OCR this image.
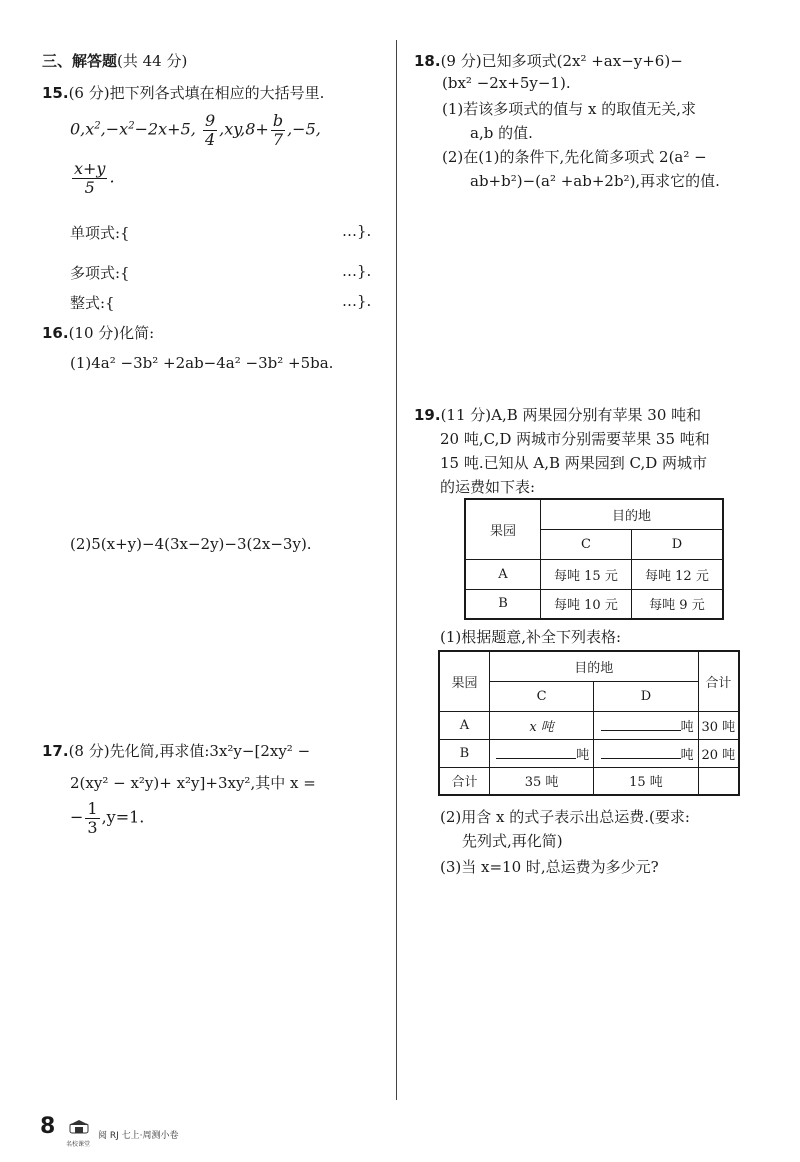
三、解答题(共 44 分)
15.(6 分)把下列各式填在相应的大括号里.
$0,x^2,-x^2-2x+5$, $\frac{9}{4} ,xy,8+ \frac{b}{7} ,-5$,
$\frac{x+y}{5}$ .
单项式:{	…}.
多项式:{	…}.
整式:{	…}.
16.(10 分)化简:
(1)4a² −3b² +2ab−4a² −3b² +5ba.
(2)5(x+y)−4(3x−2y)−3(2x−3y).
17.(8 分)先化简,再求值:3x²y−[2xy² −
2(xy² − x²y)+ x²y]+3xy²,其中 x =
− $\frac{1}{3} ,y=1$.
18.(9 分)已知多项式(2x² +ax−y+6)−
(bx² −2x+5y−1).
(1)若该多项式的值与 x 的取值无关,求
a,b 的值.
(2)在(1)的条件下,先化简多项式 2(a² −
ab+b²)−(a² +ab+2b²),再求它的值.
19.(11 分)A,B 两果园分别有苹果 30 吨和
20 吨,C,D 两城市分别需要苹果 35 吨和
15 吨.已知从 A,B 两果园到 C,D 两城市
的运费如下表:
果园	目的地	
	C	D
A	每吨 15 元	每吨 12 元
B	每吨 10 元	每吨 9 元
(1)根据题意,补全下列表格:
果园	目的地		合计
	C	D	
A	x 吨	吨	30 吨
B	吨	吨	20 吨
合计	35 吨	15 吨	
(2)用含 x 的式子表示出总运费.(要求:
先列式,再化简)
(3)当 x=10 时,总运费为多少元?
8
名校课堂
阅 RJ 七上·周测小卷
